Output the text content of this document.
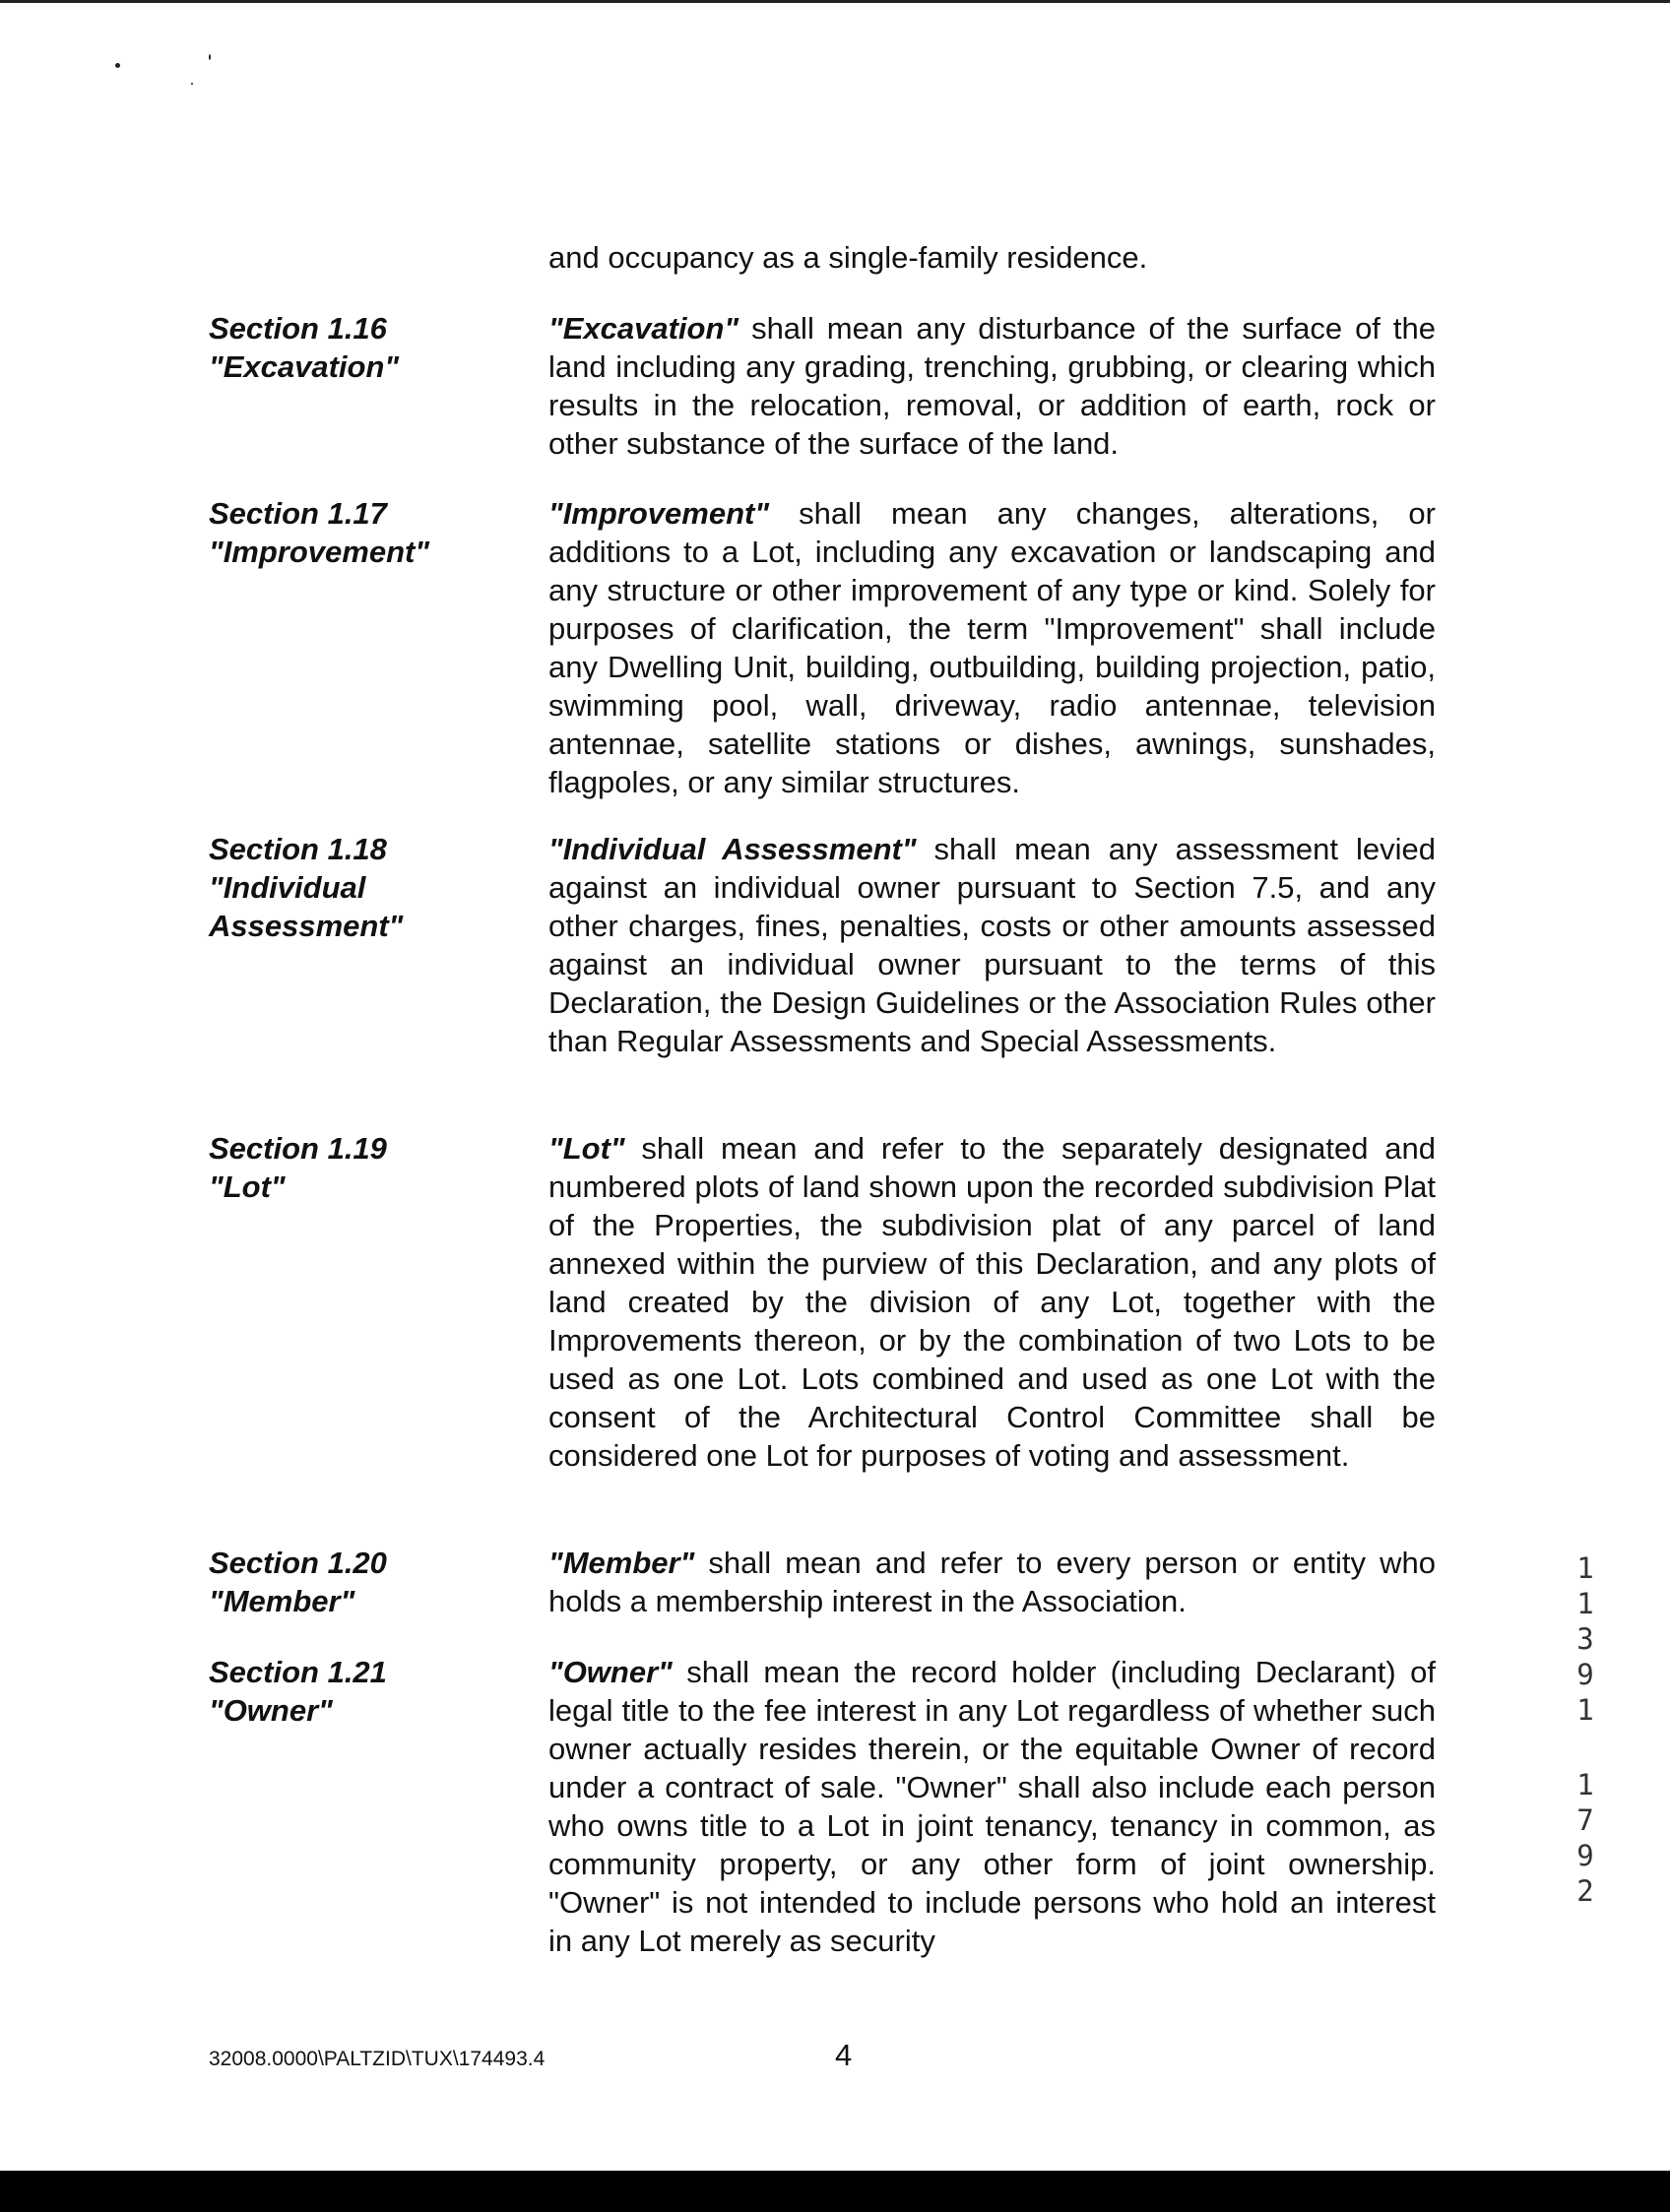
and occupancy as a single-family residence.
Section 1.16
"Excavation"
"Excavation" shall mean any disturbance of the surface of the land including any grading, trenching, grubbing, or clearing which results in the relocation, removal, or addition of earth, rock or other substance of the surface of the land.
Section 1.17
"Improvement"
"Improvement" shall mean any changes, alterations, or additions to a Lot, including any excavation or landscaping and any structure or other improvement of any type or kind. Solely for purposes of clarification, the term "Improvement" shall include any Dwelling Unit, building, outbuilding, building projection, patio, swimming pool, wall, driveway, radio antennae, television antennae, satellite stations or dishes, awnings, sunshades, flagpoles, or any similar structures.
Section 1.18
"Individual
Assessment"
"Individual Assessment" shall mean any assessment levied against an individual owner pursuant to Section 7.5, and any other charges, fines, penalties, costs or other amounts assessed against an individual owner pursuant to the terms of this Declaration, the Design Guidelines or the Association Rules other than Regular Assessments and Special Assessments.
Section 1.19
"Lot"
"Lot" shall mean and refer to the separately designated and numbered plots of land shown upon the recorded subdivision Plat of the Properties, the subdivision plat of any parcel of land annexed within the purview of this Declaration, and any plots of land created by the division of any Lot, together with the Improvements thereon, or by the combination of two Lots to be used as one Lot. Lots combined and used as one Lot with the consent of the Architectural Control Committee shall be considered one Lot for purposes of voting and assessment.
Section 1.20
"Member"
"Member" shall mean and refer to every person or entity who holds a membership interest in the Association.
Section 1.21
"Owner"
"Owner" shall mean the record holder (including Declarant) of legal title to the fee interest in any Lot regardless of whether such owner actually resides therein, or the equitable Owner of record under a contract of sale. "Owner" shall also include each person who owns title to a Lot in joint tenancy, tenancy in common, as community property, or any other form of joint ownership. "Owner" is not intended to include persons who hold an interest in any Lot merely as security
1
1
3
9
1
1
7
9
2
32008.0000\PALTZID\TUX\174493.4	4
